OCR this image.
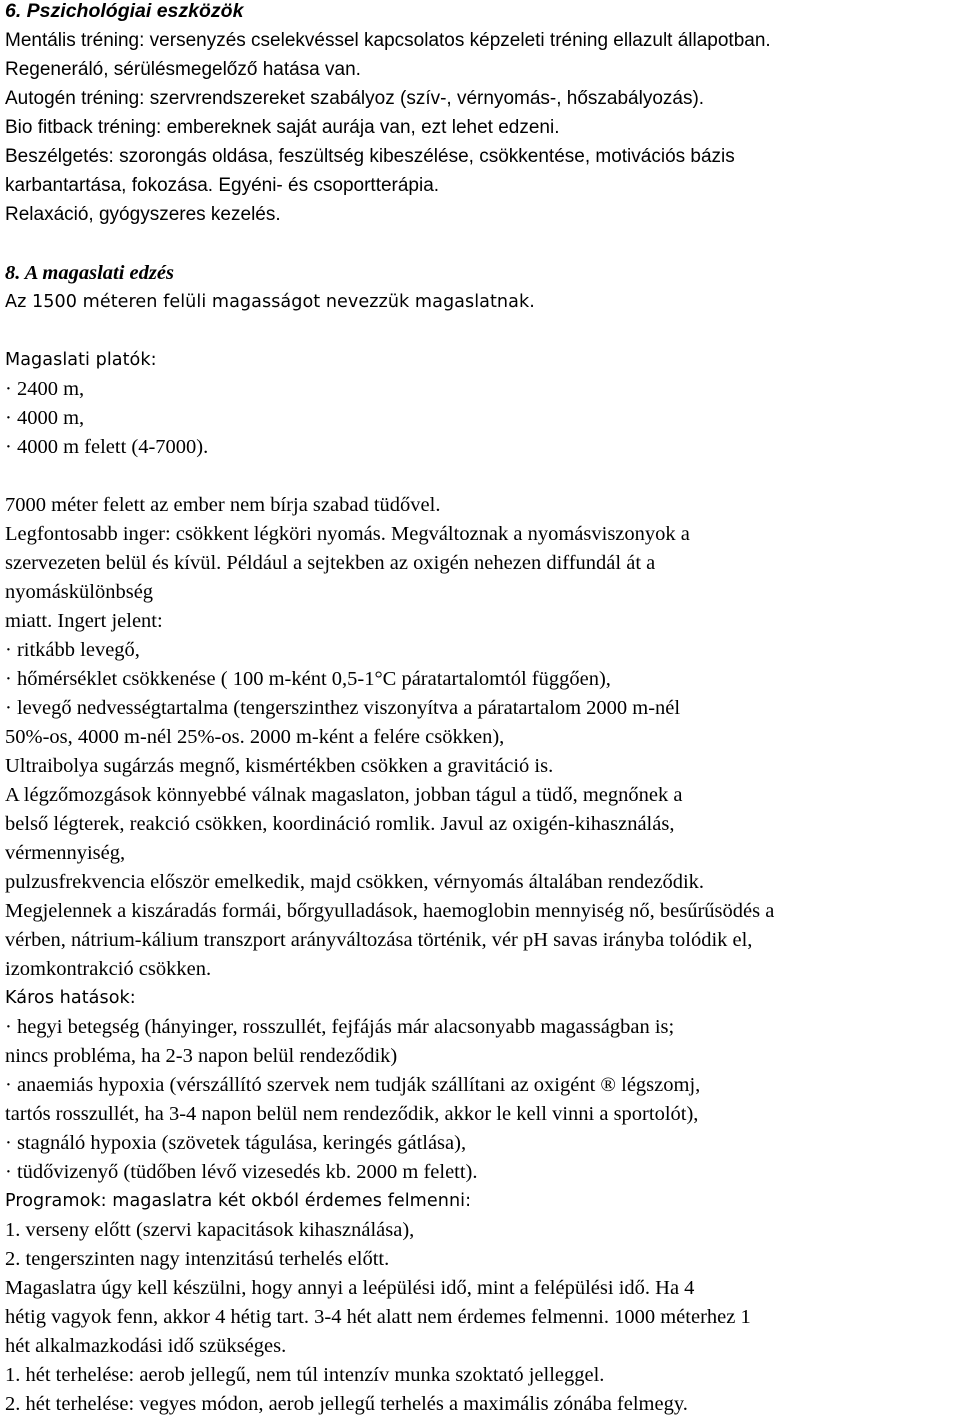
6. Pszichológiai eszközök
Mentális tréning: versenyzés cselekvéssel kapcsolatos képzeleti tréning ellazult állapotban.
Regeneráló, sérülésmegelőző hatása van.
Autogén tréning: szervrendszereket szabályoz (szív-, vérnyomás-, hőszabályozás).
Bio fitback tréning: embereknek saját aurája van, ezt lehet edzeni.
Beszélgetés: szorongás oldása, feszültség kibeszélése, csökkentése, motivációs bázis
karbantartása, fokozása. Egyéni- és csoportterápia.
Relaxáció, gyógyszeres kezelés.
8. A magaslati edzés
Az 1500 méteren felüli magasságot nevezzük magaslatnak.
Magaslati platók:
· 2400 m,
· 4000 m,
· 4000 m felett (4-7000).
7000 méter felett az ember nem bírja szabad tüdővel.
Legfontosabb inger: csökkent légköri nyomás. Megváltoznak a nyomásviszonyok a
szervezeten belül és kívül. Például a sejtekben az oxigén nehezen diffundál át a
nyomáskülönbség
miatt. Ingert jelent:
· ritkább levegő,
· hőmérséklet csökkenése ( 100 m-ként 0,5-1°C páratartalomtól függően),
· levegő nedvességtartalma (tengerszinthez viszonyítva a páratartalom 2000 m-nél
50%-os, 4000 m-nél 25%-os. 2000 m-ként a felére csökken),
Ultraibolya sugárzás megnő, kismértékben csökken a gravitáció is.
A légzőmozgások könnyebbé válnak magaslaton, jobban tágul a tüdő, megnőnek a
belső légterek, reakció csökken, koordináció romlik. Javul az oxigén-kihasználás,
vérmennyiség,
pulzusfrekvencia először emelkedik, majd csökken, vérnyomás általában rendeződik.
Megjelennek a kiszáradás formái, bőrgyulladások, haemoglobin mennyiség nő, besűrűsödés a
vérben, nátrium-kálium transzport arányváltozása történik, vér pH savas irányba tolódik el,
izomkontrakció csökken.
Káros hatások:
· hegyi betegség (hányinger, rosszullét, fejfájás már alacsonyabb magasságban is;
nincs probléma, ha 2-3 napon belül rendeződik)
· anaemiás hypoxia (vérszállító szervek nem tudják szállítani az oxigént ® légszomj,
tartós rosszullét, ha 3-4 napon belül nem rendeződik, akkor le kell vinni a sportolót),
· stagnáló hypoxia (szövetek tágulása, keringés gátlása),
· tüdővizenyő (tüdőben lévő vizesedés kb. 2000 m felett).
Programok: magaslatra két okból érdemes felmenni:
1. verseny előtt (szervi kapacitások kihasználása),
2. tengerszinten nagy intenzitású terhelés előtt.
Magaslatra úgy kell készülni, hogy annyi a leépülési idő, mint a felépülési idő. Ha 4
hétig vagyok fenn, akkor 4 hétig tart. 3-4 hét alatt nem érdemes felmenni. 1000 méterhez 1
hét alkalmazkodási idő szükséges.
1. hét terhelése: aerob jellegű, nem túl intenzív munka szoktató jelleggel.
2. hét terhelése: vegyes módon, aerob jellegű terhelés a maximális zónába felmegy.
